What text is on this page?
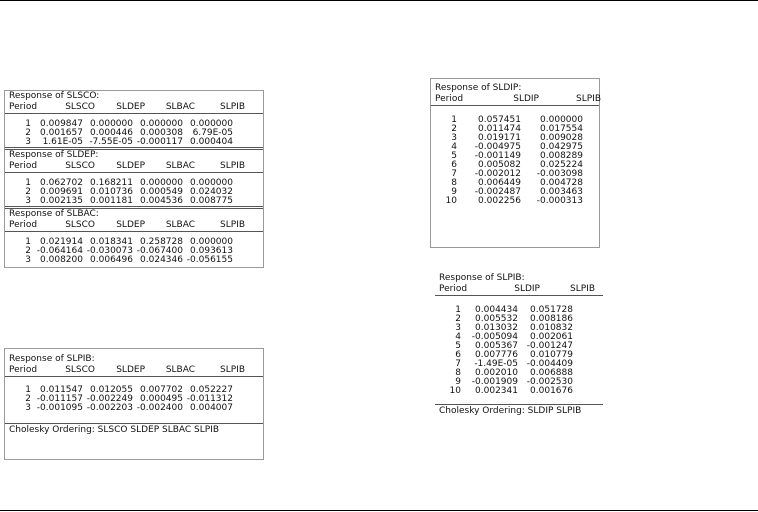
Response of SLSCO:
Period	SLSCO	SLDEP	SLBAC	SLPIB
1	0.009847 0.000000 0.000000 0.000000
2	0.001657 0.000446 0.000308	6.79E-05
3	1.61E-05 -7.55E-05 -0.000117 0.000404
Response of SLDEP:
Period	SLSCO	SLDEP	SLBAC	SLPIB
1	0.062702 0.168211 0.000000 0.000000
2	0.009691 0.010736 0.000549 0.024032
3	0.002135 0.001181 0.004536 0.008775
Response of SLBAC:
Period	SLSCO	SLDEP	SLBAC	SLPIB
1	0.021914 0.018341 0.258728 0.000000
2 -0.064164 -0.030073 -0.067400 0.093613
3	0.008200 0.006496 0.024346 -0.056155
Response of SLPIB:
Period	SLSCO	SLDEP	SLBAC	SLPIB
1	0.011547 0.012055 0.007702 0.052227
2 -0.011157 -0.002249 0.000495 -0.011312
3 -0.001095 -0.002203 -0.002400 0.004007
Cholesky Ordering: SLSCO SLDEP SLBAC SLPIB
Response of SLDIP:
Period	SLDIP	SLPIB
1	0.057451	0.000000
2	0.011474	0.017554
3	0.019171	0.009028
4	-0.004975	0.042975
5	-0.001149	0.008289
6	0.005082	0.025224
7	-0.002012	-0.003098
8	0.006449	0.004728
9	-0.002487	0.003463
10	0.002256	-0.000313
Response of SLPIB:
Period	SLDIP	SLPIB
1	0.004434	0.051728
2	0.005532	0.008186
3	0.013032	0.010832
4	-0.005094	0.002061
5	0.005367 -0.001247
6	0.007776	0.010779
7	-1.49E-05 -0.004409
8	0.002010	0.006888
9	-0.001909 -0.002530
10	0.002341	0.001676
Cholesky Ordering: SLDIP SLPIB
